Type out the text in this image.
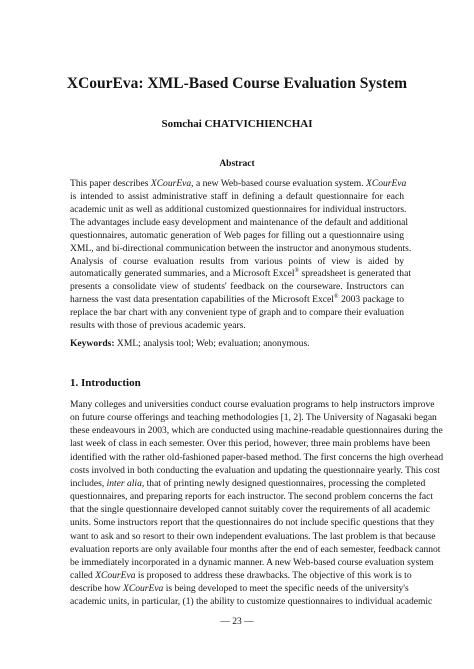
XCourEva: XML-Based Course Evaluation System
Somchai CHATVICHIENCHAI
Abstract
This paper describes XCourEva, a new Web-based course evaluation system. XCourEva
is intended to assist administrative staff in defining a default questionnaire for each
academic unit as well as additional customized questionnaires for individual instructors.
The advantages include easy development and maintenance of the default and additional
questionnaires, automatic generation of Web pages for filling out a questionnaire using
XML, and bi-directional communication between the instructor and anonymous students.
Analysis of course evaluation results from various points of view is aided by
automatically generated summaries, and a Microsoft Excel® spreadsheet is generated that
presents a consolidate view of students' feedback on the courseware. Instructors can
harness the vast data presentation capabilities of the Microsoft Excel® 2003 package to
replace the bar chart with any convenient type of graph and to compare their evaluation
results with those of previous academic years.

Keywords: XML; analysis tool; Web; evaluation; anonymous.

1. Introduction
Many colleges and universities conduct course evaluation programs to help instructors improve
on future course offerings and teaching methodologies [1, 2]. The University of Nagasaki began
these endeavours in 2003, which are conducted using machine-readable questionnaires during the
last week of class in each semester. Over this period, however, three main problems have been
identified with the rather old-fashioned paper-based method. The first concerns the high overhead
costs involved in both conducting the evaluation and updating the questionnaire yearly. This cost
includes, inter alia, that of printing newly designed questionnaires, processing the completed
questionnaires, and preparing reports for each instructor. The second problem concerns the fact
that the single questionnaire developed cannot suitably cover the requirements of all academic
units. Some instructors report that the questionnaires do not include specific questions that they
want to ask and so resort to their own independent evaluations. The last problem is that because
evaluation reports are only available four months after the end of each semester, feedback cannot
be immediately incorporated in a dynamic manner. A new Web-based course evaluation system
called XCourEva is proposed to address these drawbacks. The objective of this work is to
describe how XCourEva is being developed to meet the specific needs of the university's
academic units, in particular, (1) the ability to customize questionnaires to individual academic
— 23 —
